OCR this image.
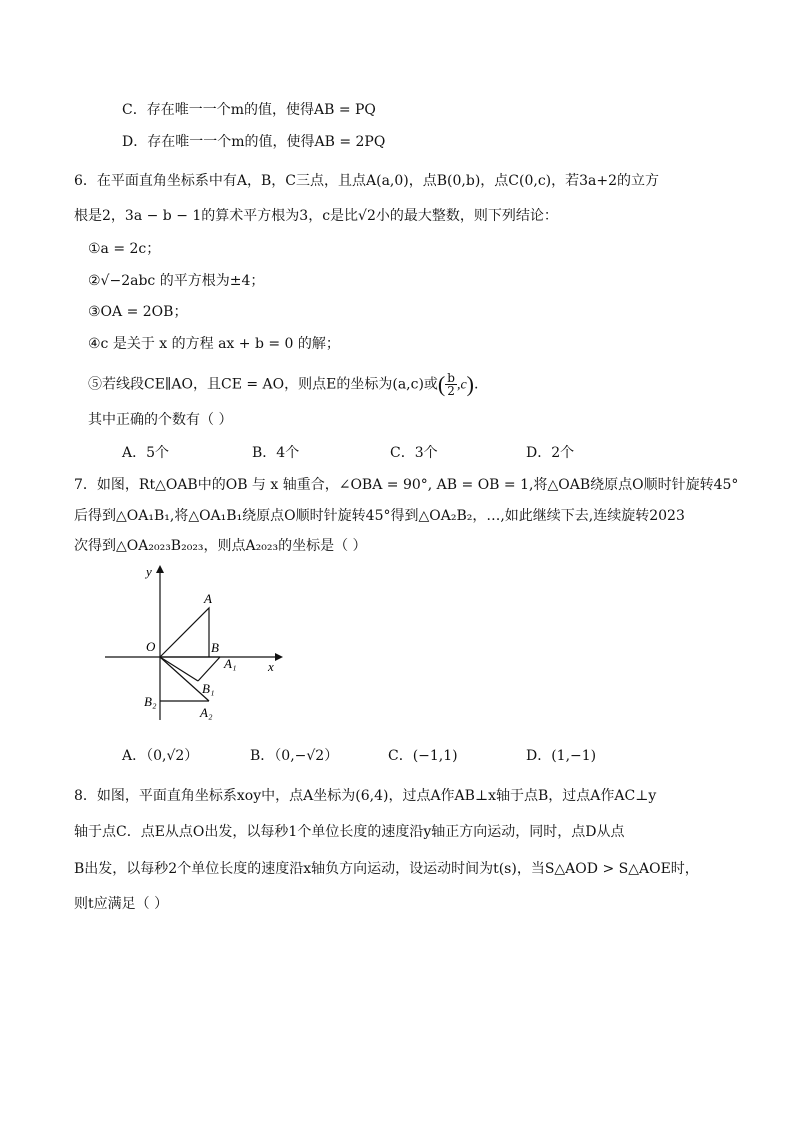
C．存在唯一一个m的值，使得AB = PQ
D．存在唯一一个m的值，使得AB = 2PQ
6．在平面直角坐标系中有A，B，C三点，且点A(a,0)，点B(0,b)，点C(0,c)，若3a+2的立方
根是2，3a − b − 1的算术平方根为3，c是比√2小的最大整数，则下列结论：
①a = 2c；
②√−2abc 的平方根为±4；
③OA = 2OB；
④c 是关于 x 的方程 ax + b = 0 的解；
⑤若线段CE∥AO，且CE = AO，则点E的坐标为(a,c)或( $\frac{b}{2} ,c$).
其中正确的个数有（ ）
A．5个	B．4个	C．3个	D．2个
7．如图，Rt△OAB中的OB 与 x 轴重合，∠OBA = 90°, AB = OB = 1,将△OAB绕原点O顺时针旋转45°
后得到△OA₁B₁,将△OA₁B₁绕原点O顺时针旋转45°得到△OA₂B₂，…,如此继续下去,连续旋转2023
次得到△OA₂₀₂₃B₂₀₂₃，则点A₂₀₂₃的坐标是（ ）
y
x
O
A
B
A₁
B₁
B₂
A₂
A．（0,√2）	B．（0,−√2）	C．(−1,1)	D．(1,−1)
8．如图，平面直角坐标系xoy中，点A坐标为(6,4)，过点A作AB⊥x轴于点B，过点A作AC⊥y
轴于点C．点E从点O出发，以每秒1个单位长度的速度沿y轴正方向运动，同时，点D从点
B出发，以每秒2个单位长度的速度沿x轴负方向运动，设运动时间为t(s)，当S△AOD > S△AOE时，
则t应满足（ ）
